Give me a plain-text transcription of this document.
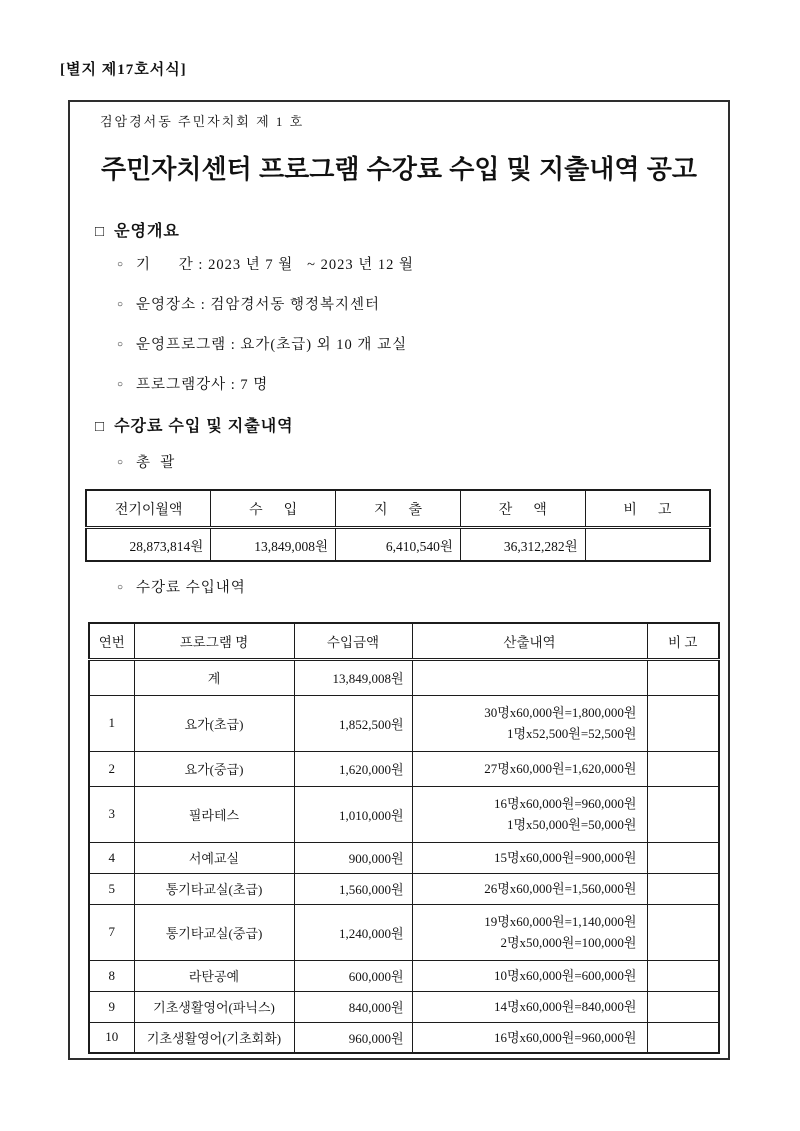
[별지 제17호서식]
검암경서동 주민자치회 제 1 호
주민자치센터 프로그램 수강료 수입 및 지출내역 공고
□ 운영개요
○ 기      간 : 2023 년 7 월   ~ 2023 년 12 월
○ 운영장소 : 검암경서동 행정복지센터
○ 운영프로그램 : 요가(초급) 외 10 개 교실
○ 프로그램강사 : 7 명
□ 수강료 수입 및 지출내역
○ 총  괄
전기이월액	수      입	지      출	잔      액	비      고
28,873,814원	13,849,008원	6,410,540원	36,312,282원	
○ 수강료 수입내역
연번	프로그램 명	수입금액	산출내역	비 고
	계	13,849,008원		
1	요가(초급)	1,852,500원	30명x60,000원=1,800,000원
1명x52,500원=52,500원	

2	요가(중급)	1,620,000원	27명x60,000원=1,620,000원	

3	필라테스	1,010,000원	16명x60,000원=960,000원
1명x50,000원=50,000원	

4	서예교실	900,000원	15명x60,000원=900,000원	

5	통기타교실(초급)	1,560,000원	26명x60,000원=1,560,000원	

7	통기타교실(중급)	1,240,000원	19명x60,000원=1,140,000원
2명x50,000원=100,000원	

8	라탄공예	600,000원	10명x60,000원=600,000원	

9	기초생활영어(파닉스)	840,000원	14명x60,000원=840,000원	

10	기초생활영어(기초회화)	960,000원	16명x60,000원=960,000원	
